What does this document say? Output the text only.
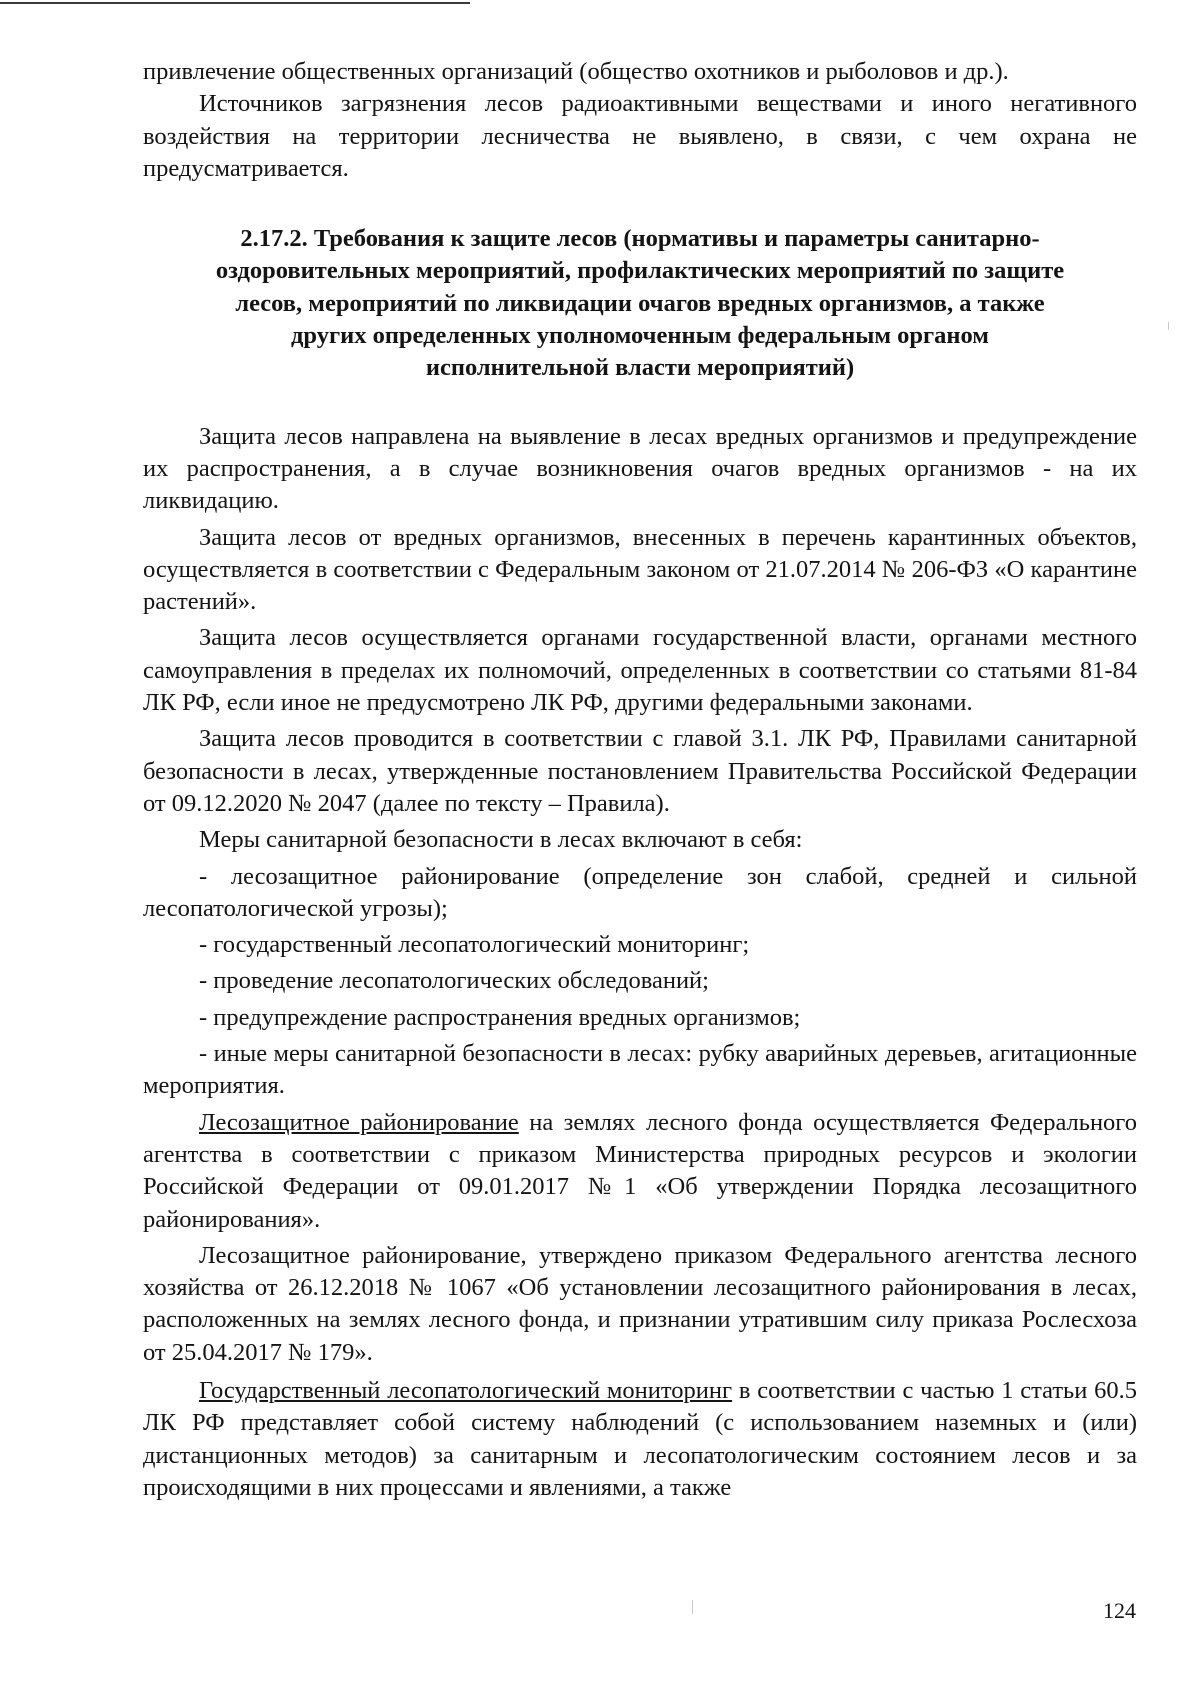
привлечение общественных организаций (общество охотников и рыболовов и др.).

Источников загрязнения лесов радиоактивными веществами и иного негативного воздействия на территории лесничества не выявлено, в связи, с чем охрана не предусматривается.

2.17.2. Требования к защите лесов (нормативы и параметры санитарно-
оздоровительных мероприятий, профилактических мероприятий по защите
лесов, мероприятий по ликвидации очагов вредных организмов, а также
других определенных уполномоченным федеральным органом
исполнительной власти мероприятий)

Защита лесов направлена на выявление в лесах вредных организмов и предупреждение их распространения, а в случае возникновения очагов вредных организмов - на их ликвидацию.

Защита лесов от вредных организмов, внесенных в перечень карантинных объектов, осуществляется в соответствии с Федеральным законом от 21.07.2014 № 206-ФЗ «О карантине растений».

Защита лесов осуществляется органами государственной власти, органами местного самоуправления в пределах их полномочий, определенных в соответствии со статьями 81-84 ЛК РФ, если иное не предусмотрено ЛК РФ, другими федеральными законами.

Защита лесов проводится в соответствии с главой 3.1. ЛК РФ, Правилами санитарной безопасности в лесах, утвержденные постановлением Правительства Российской Федерации от 09.12.2020 № 2047 (далее по тексту – Правила).

Меры санитарной безопасности в лесах включают в себя:

- лесозащитное районирование (определение зон слабой, средней и сильной лесопатологической угрозы);

- государственный лесопатологический мониторинг;

- проведение лесопатологических обследований;

- предупреждение распространения вредных организмов;

- иные меры санитарной безопасности в лесах: рубку аварийных деревьев, агитационные мероприятия.

Лесозащитное районирование на землях лесного фонда осуществляется Федерального агентства в соответствии с приказом Министерства природных ресурсов и экологии Российской Федерации от 09.01.2017 №1 «Об утверждении Порядка лесозащитного районирования».

Лесозащитное районирование, утверждено приказом Федерального агентства лесного хозяйства от 26.12.2018 № 1067 «Об установлении лесозащитного районирования в лесах, расположенных на землях лесного фонда, и признании утратившим силу приказа Рослесхоза от 25.04.2017 № 179».

Государственный лесопатологический мониторинг в соответствии с частью 1 статьи 60.5 ЛК РФ представляет собой систему наблюдений (с использованием наземных и (или) дистанционных методов) за санитарным и лесопатологическим состоянием лесов и за происходящими в них процессами и явлениями, а также

124
